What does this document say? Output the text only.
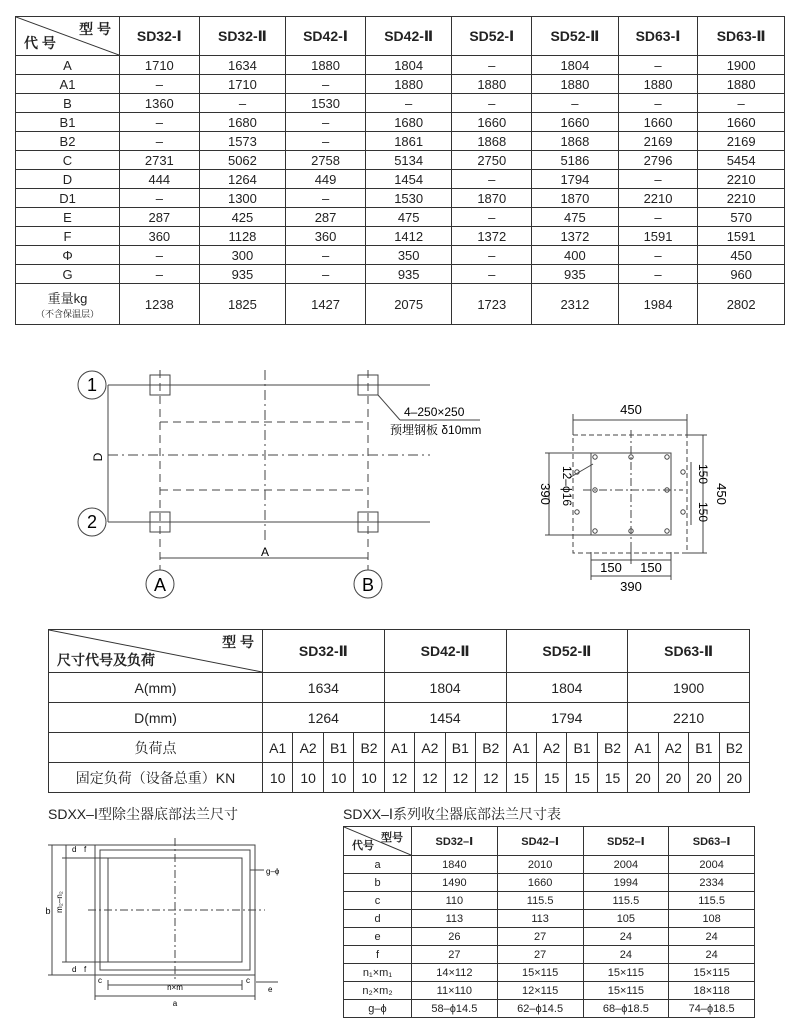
型 号
代 号	SD32-Ⅰ	SD32-Ⅱ	SD42-Ⅰ	SD42-Ⅱ	SD52-Ⅰ	SD52-Ⅱ	SD63-Ⅰ	SD63-Ⅱ
A	1710	1634	1880	1804	–	1804	–	1900
A1	–	1710	–	1880	1880	1880	1880	1880
B	1360	–	1530	–	–	–	–	–
B1	–	1680	–	1680	1660	1660	1660	1660
B2	–	1573	–	1861	1868	1868	2169	2169
C	2731	5062	2758	5134	2750	5186	2796	5454
D	444	1264	449	1454	–	1794	–	2210
D1	–	1300	–	1530	1870	1870	2210	2210
E	287	425	287	475	–	475	–	570
F	360	1128	360	1412	1372	1372	1591	1591
Φ	–	300	–	350	–	400	–	450
G	–	935	–	935	–	935	–	960

重量kg
（不含保温层）	1238	1825	1427	2075	1723	2312	1984	2802
1
2
A	B
D
A
4–250×250
预埋钢板 δ10mm
450
450
390
390
150 150
150
150
12–ϕ16
型 号
尺寸代号及负荷	SD32-Ⅱ				SD42-Ⅱ				SD52-Ⅱ				SD63-Ⅱ			
A(mm)	1634				1804				1804				1900			
D(mm)	1264				1454				1794				2210			
负荷点	A1	A2	B1	B2	A1	A2	B1	B2	A1	A2	B1	B2	A1	A2	B1	B2
固定负荷（设备总重）KN	10	10	10	10	12	12	12	12	15	15	15	15	20	20	20	20
SDXX–Ⅰ型除尘器底部法兰尺寸
b m₂–n₂
d f
d f
c	c
e
n×m
a
g–ϕ
SDXX–Ⅰ系列收尘器底部法兰尺寸表
型号
代号	SD32–Ⅰ	SD42–Ⅰ	SD52–Ⅰ	SD63–Ⅰ
a	1840	2010	2004	2004
b	1490	1660	1994	2334
c	110	115.5	115.5	115.5
d	113	113	105	108
e	26	27	24	24
f	27	27	24	24
n₁×m₁	14×112	15×115	15×115	15×115
n₂×m₂	11×110	12×115	15×115	18×118
g–ϕ	58–ϕ14.5	62–ϕ14.5	68–ϕ18.5	74–ϕ18.5
